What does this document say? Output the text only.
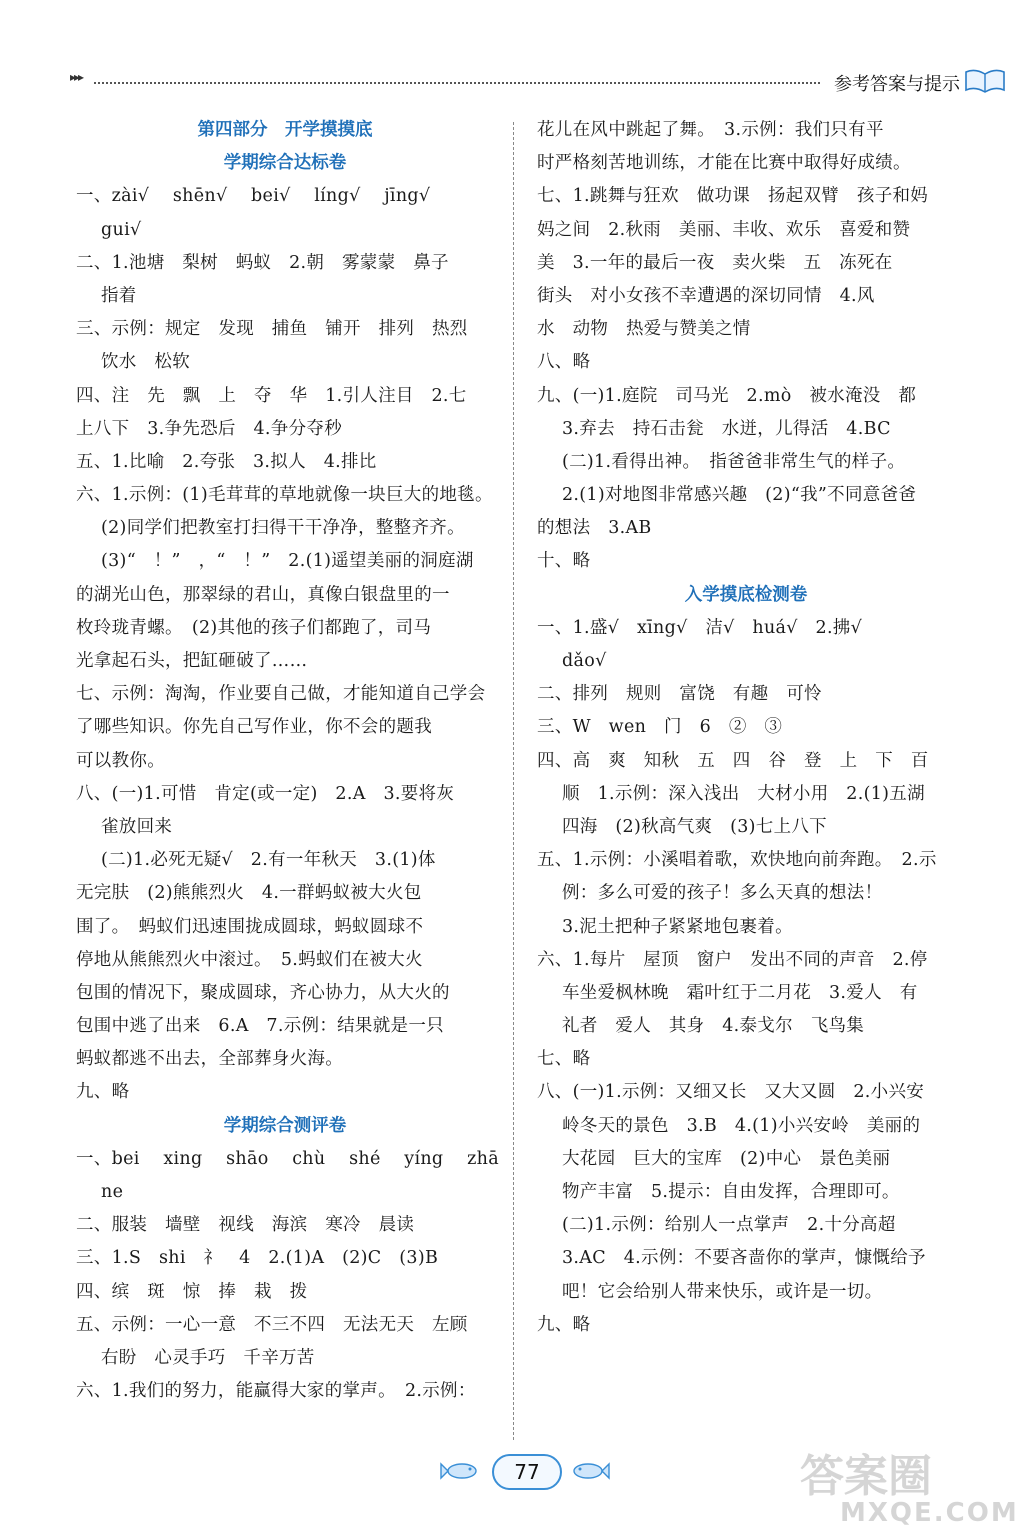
▸▸▸	参考答案与提示
第四部分　开学摸摸底
学期综合达标卷
一、zài√　 shēn√　 bei√　 líng√　 jīng√
gui√
二、1.池塘　梨树　蚂蚁　2.朝　雾蒙蒙　鼻子
指着
三、示例：规定　发现　捕鱼　铺开　排列　热烈
饮水　松软
四、注　先　飘　上　夺　华　1.引人注目　2.七
上八下　3.争先恐后　4.争分夺秒
五、1.比喻　2.夸张　3.拟人　4.排比
六、1.示例：(1)毛茸茸的草地就像一块巨大的地毯。
(2)同学们把教室打扫得干干净净，整整齐齐。
(3)“　！”　，“　！”　2.(1)遥望美丽的洞庭湖
的湖光山色，那翠绿的君山，真像白银盘里的一
枚玲珑青螺。　(2)其他的孩子们都跑了，司马
光拿起石头，把缸砸破了……
七、示例：淘淘，作业要自己做，才能知道自己学会
了哪些知识。你先自己写作业，你不会的题我
可以教你。
八、(一)1.可惜　肯定(或一定)　2.A　3.要将灰
雀放回来
(二)1.必死无疑√　2.有一年秋天　3.(1)体
无完肤　(2)熊熊烈火　4.一群蚂蚁被大火包
围了。　蚂蚁们迅速围拢成圆球，蚂蚁圆球不
停地从熊熊烈火中滚过。　5.蚂蚁们在被大火
包围的情况下，聚成圆球，齐心协力，从大火的
包围中逃了出来　6.A　7.示例：结果就是一只
蚂蚁都逃不出去，全部葬身火海。
九、略
学期综合测评卷
一、bei　 xing　 shāo　 chù　 shé　 yíng　 zhā
ne
二、服装　墙壁　视线　海滨　寒冷　晨读
三、1.S　shi　礻　4　2.(1)A　(2)C　(3)B
四、缤　斑　惊　捧　栽　拨
五、示例：一心一意　不三不四　无法无天　左顾
右盼　心灵手巧　千辛万苦
六、1.我们的努力，能赢得大家的掌声。　2.示例：
花儿在风中跳起了舞。　3.示例：我们只有平
时严格刻苦地训练，才能在比赛中取得好成绩。
七、1.跳舞与狂欢　做功课　扬起双臂　孩子和妈
妈之间　2.秋雨　美丽、丰收、欢乐　喜爱和赞
美　3.一年的最后一夜　卖火柴　五　冻死在
街头　对小女孩不幸遭遇的深切同情　4.风
水　动物　热爱与赞美之情
八、略
九、(一)1.庭院　司马光　2.mò　被水淹没　都
3.弃去　持石击瓮　水迸，儿得活　4.BC
(二)1.看得出神。　指爸爸非常生气的样子。
2.(1)对地图非常感兴趣　(2)“我”不同意爸爸
的想法　3.AB
十、略
入学摸底检测卷
一、1.盛√　xīng√　洁√　huá√　2.拂√
dǎo√
二、排列　规则　富饶　有趣　可怜
三、W　wen　门　6　②　③
四、高　爽　知秋　五　四　谷　登　上　下　百
顺　1.示例：深入浅出　大材小用　2.(1)五湖
四海　(2)秋高气爽　(3)七上八下
五、1.示例：小溪唱着歌，欢快地向前奔跑。　2.示
例：多么可爱的孩子！多么天真的想法！
3.泥土把种子紧紧地包裹着。
六、1.每片　屋顶　窗户　发出不同的声音　2.停
车坐爱枫林晚　霜叶红于二月花　3.爱人　有
礼者　爱人　其身　4.泰戈尔　飞鸟集
七、略
八、(一)1.示例：又细又长　又大又圆　2.小兴安
岭冬天的景色　3.B　4.(1)小兴安岭　美丽的
大花园　巨大的宝库　(2)中心　景色美丽
物产丰富　5.提示：自由发挥，合理即可。
(二)1.示例：给别人一点掌声　2.十分高超
3.AC　4.示例：不要吝啬你的掌声，慷慨给予
吧！它会给别人带来快乐，或许是一切。
九、略
77	答案圈
MXQE.COM
